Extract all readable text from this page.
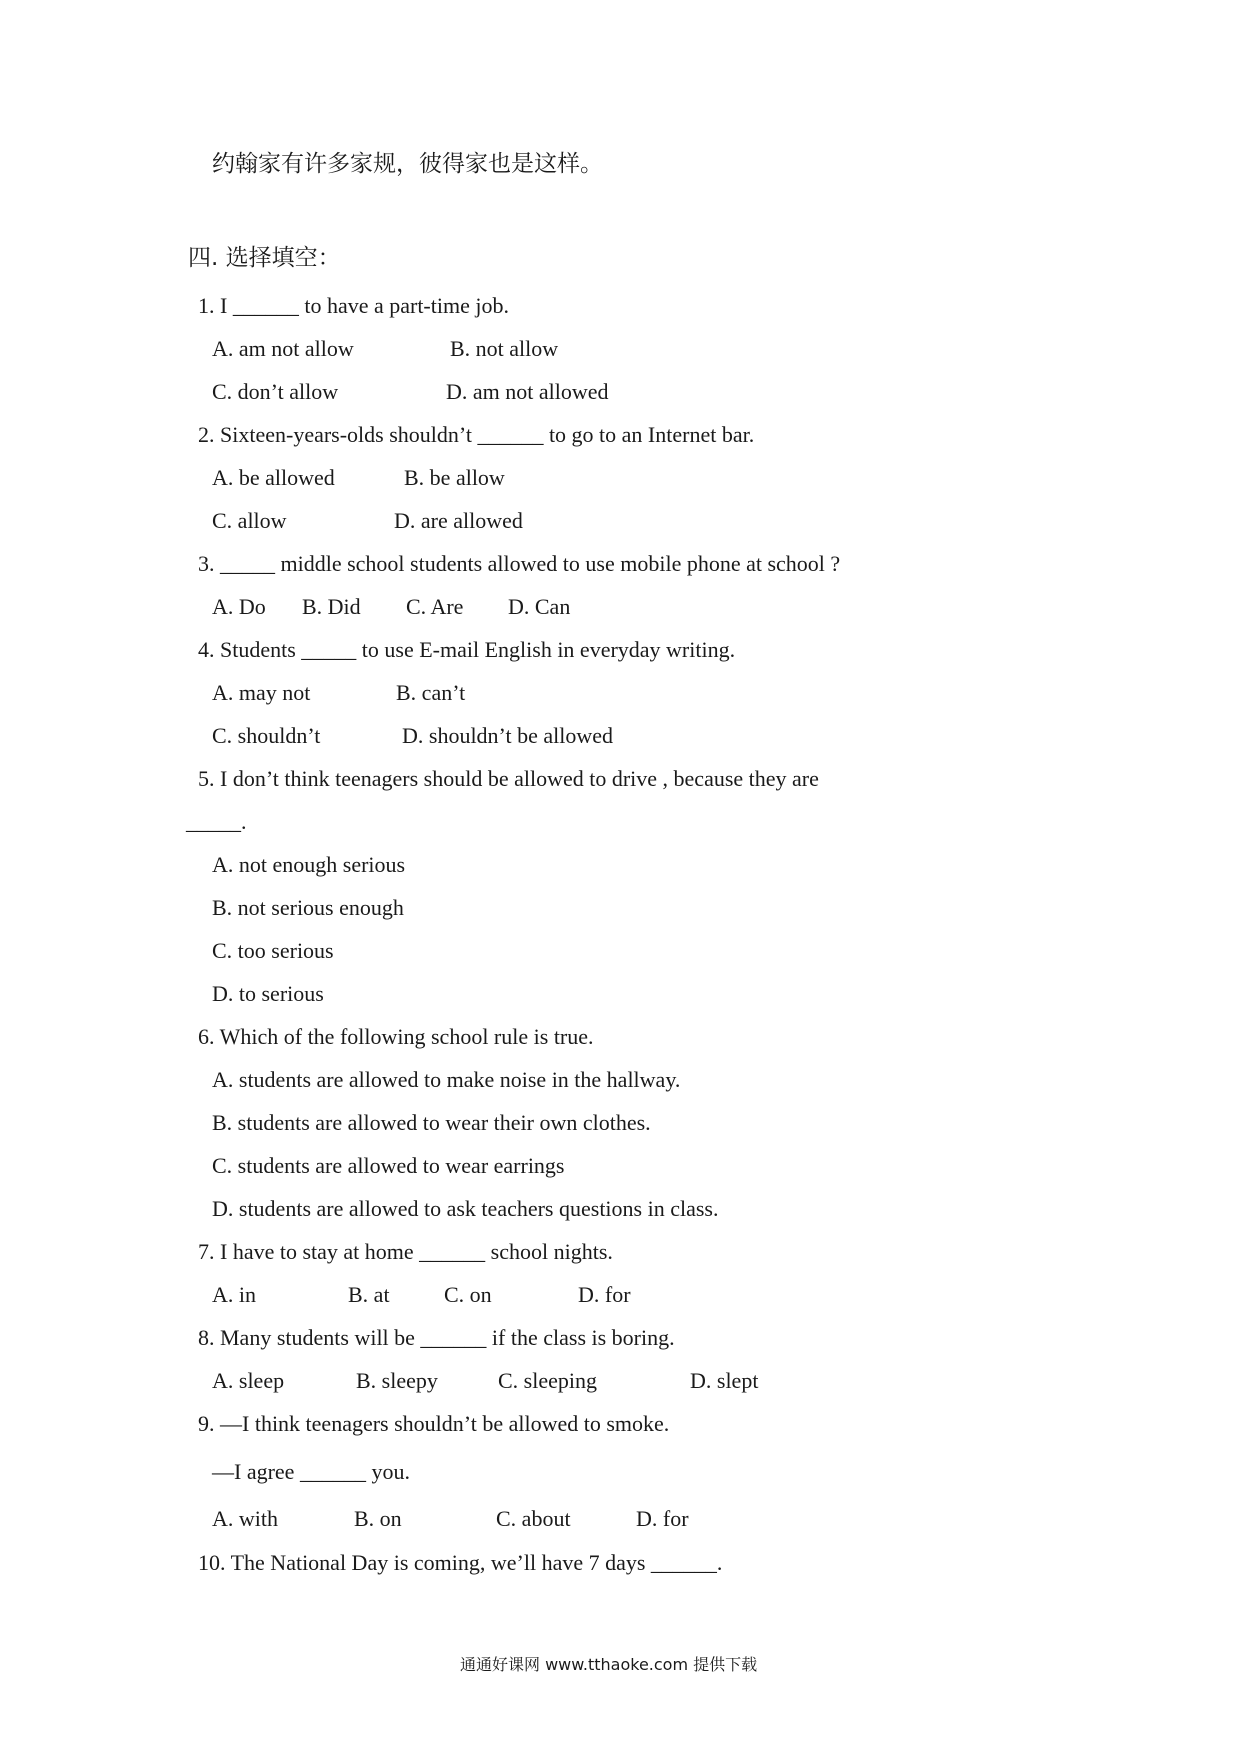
约翰家有许多家规，彼得家也是这样。
四. 选择填空：
1. I ______ to have a part-time job.
A. am not allow	B. not allow
C. don’t allow	D. am not allowed
2. Sixteen-years-olds shouldn’t ______ to go to an Internet bar.
A. be allowed	B. be allow
C. allow	D. are allowed
3. _____ middle school students allowed to use mobile phone at school ?
A. Do B. Did C. Are D. Can
4. Students _____ to use E-mail English in everyday writing.
A. may not	B. can’t
C. shouldn’t	D. shouldn’t be allowed
5. I don’t think teenagers should be allowed to drive , because they are
_____.
A. not enough serious
B. not serious enough
C. too serious
D. to serious
6. Which of the following school rule is true.
A. students are allowed to make noise in the hallway.
B. students are allowed to wear their own clothes.
C. students are allowed to wear earrings
D. students are allowed to ask teachers questions in class.
7. I have to stay at home ______ school nights.
A. in	B. at C. on	D. for
8. Many students will be ______ if the class is boring.
A. sleep	B. sleepy	C. sleeping	D. slept
9. —I think teenagers shouldn’t be allowed to smoke.
—I agree ______ you.
A. with	B. on	C. about	D. for
10. The National Day is coming, we’ll have 7 days ______.
通通好课网 www.tthaoke.com 提供下载
